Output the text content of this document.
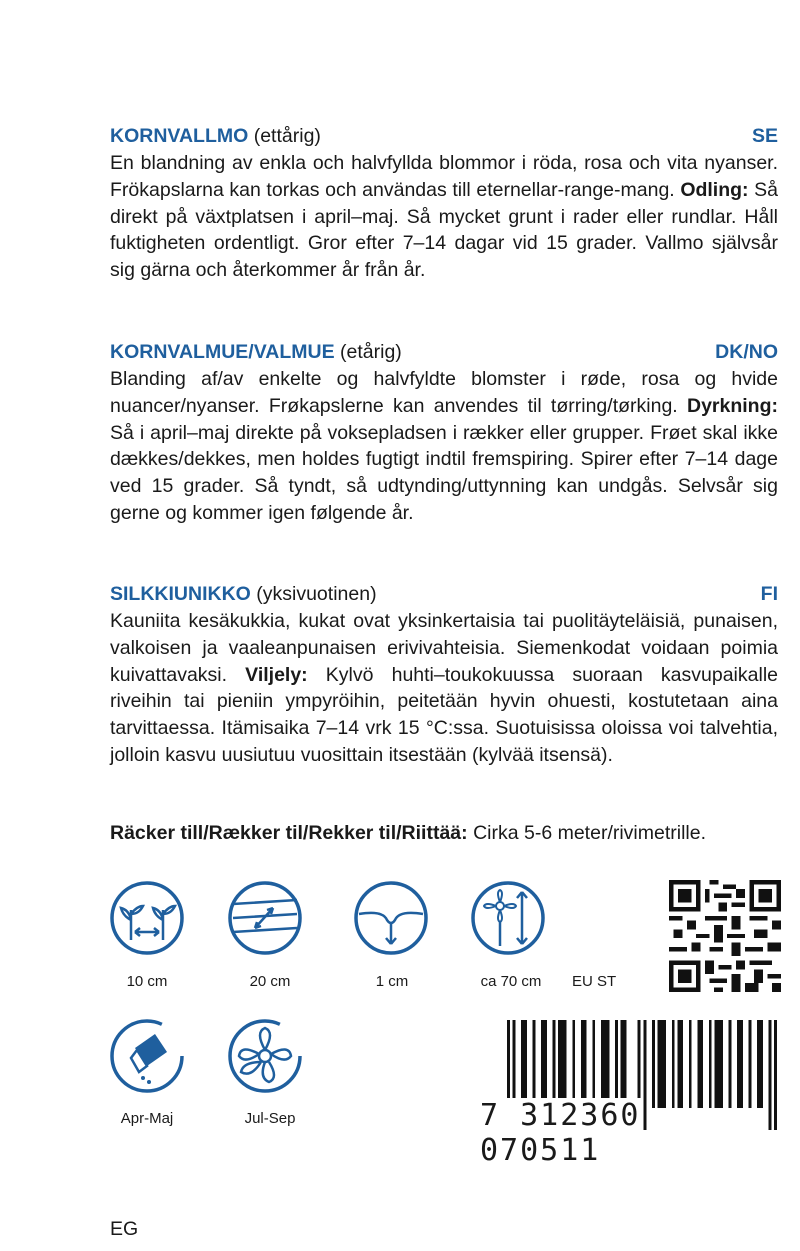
KORNVALLMO (ettårig)	SE

En blandning av enkla och halvfyllda blommor i röda, rosa och vita nyanser. Frökapslarna kan torkas och användas till eternellar-range-mang. Odling: Så direkt på växtplatsen i april–maj. Så mycket grunt i rader eller rundlar. Håll fuktigheten ordentligt. Gror efter 7–14 dagar vid 15 grader. Vallmo självsår sig gärna och återkommer år från år.

KORNVALMUE/VALMUE (etårig)	DK/NO

Blanding af/av enkelte og halvfyldte blomster i røde, rosa og hvide nuancer/nyanser. Frøkapslerne kan anvendes til tørring/tørking. Dyrkning: Så i april–maj direkte på voksepladsen i rækker eller grupper. Frøet skal ikke dækkes/dekkes, men holdes fugtigt indtil fremspiring. Spirer efter 7–14 dage ved 15 grader. Så tyndt, så udtynding/uttynning kan undgås. Selvsår sig gerne og kommer igen følgende år.

SILKKIUNIKKO (yksivuotinen)	FI

Kauniita kesäkukkia, kukat ovat yksinkertaisia tai puolitäyteläisiä, punaisen, valkoisen ja vaaleanpunaisen erivivahteisia. Siemenkodat voidaan poimia kuivattavaksi. Viljely: Kylvö huhti–toukokuussa suoraan kasvupaikalle riveihin tai pieniin ympyröihin, peitetään hyvin ohuesti, kostutetaan aina tarvittaessa. Itämisaika 7–14 vrk 15 °C:ssa. Suotuisissa oloissa voi talvehtia, jolloin kasvu uusiutuu vuosittain itsestään (kylvää itsensä).

Räcker till/Rækker til/Rekker til/Riittää: Cirka 5-6 meter/rivimetrille.
10 cm	20 cm	1 cm	ca 70 cm	EU ST
Apr-Maj	Jul-Sep	7 312360 070511
EG
